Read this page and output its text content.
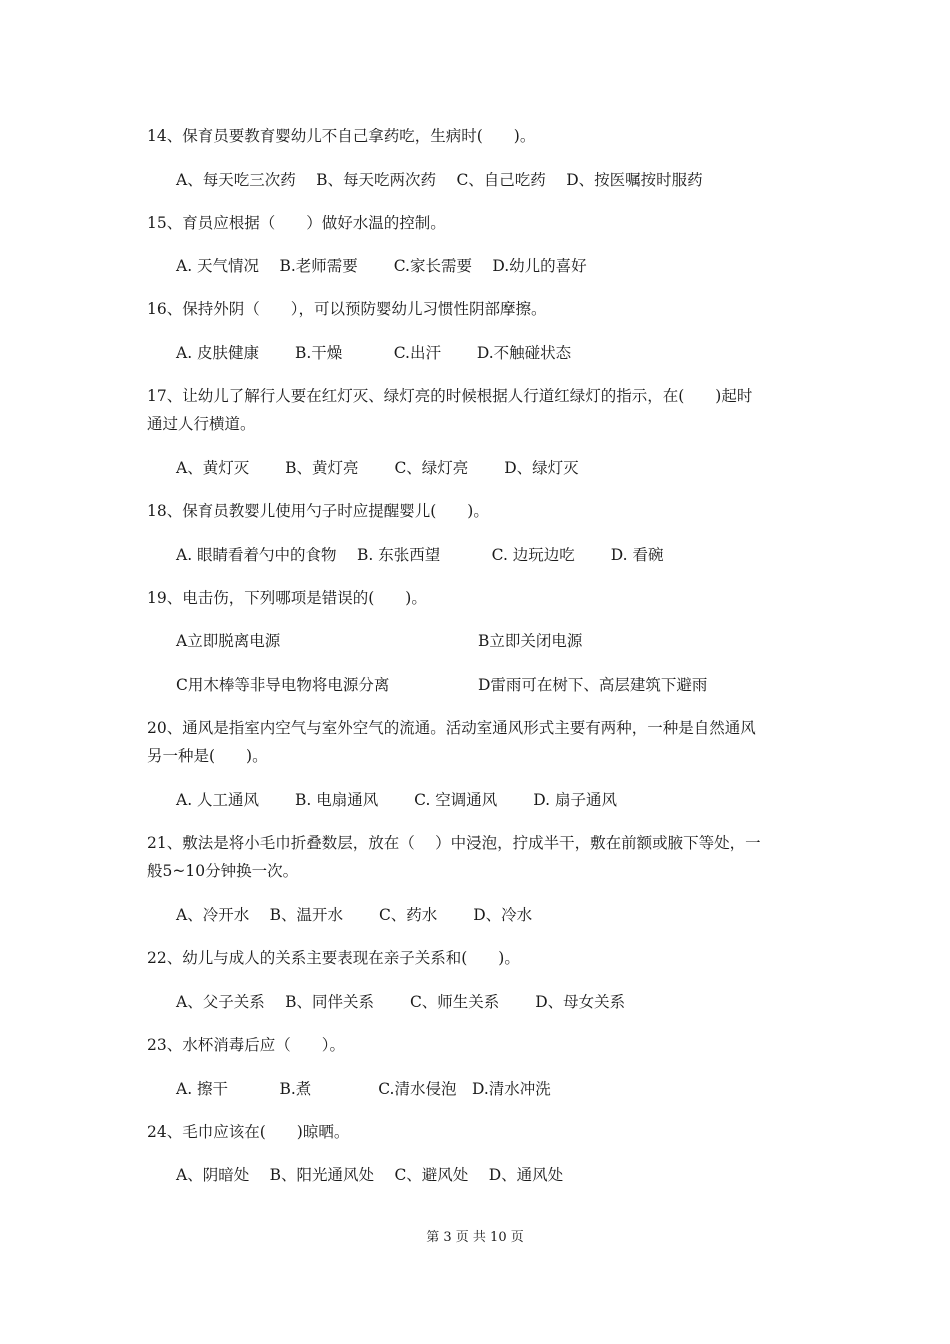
14、保育员要教育婴幼儿不自己拿药吃，生病时(　　)。
A、每天吃三次药　 B、每天吃两次药　 C、自己吃药　 D、按医嘱按时服药
15、育员应根据（　　）做好水温的控制。
A. 天气情况　 B.老师需要　　 C.家长需要　 D.幼儿的喜好
16、保持外阴（　　），可以预防婴幼儿习惯性阴部摩擦。
A. 皮肤健康　　 B.干燥　　　 C.出汗　　 D.不触碰状态
17、让幼儿了解行人要在红灯灭、绿灯亮的时候根据人行道红绿灯的指示，在(　　)起时
通过人行横道。
A、黄灯灭　　 B、黄灯亮　　 C、绿灯亮　　 D、绿灯灭
18、保育员教婴儿使用勺子时应提醒婴儿(　　)。
A. 眼睛看着勺中的食物　 B. 东张西望　　　 C. 边玩边吃　　 D. 看碗
19、电击伤，下列哪项是错误的(　　)。
A立即脱离电源	B立即关闭电源
C用木棒等非导电物将电源分离	D雷雨可在树下、高层建筑下避雨
20、通风是指室内空气与室外空气的流通。活动室通风形式主要有两种，一种是自然通风
另一种是(　　)。
A. 人工通风　　 B. 电扇通风　　 C. 空调通风　　 D. 扇子通风
21、敷法是将小毛巾折叠数层，放在（　 ）中浸泡，拧成半干，敷在前额或腋下等处，一
般5~10分钟换一次。
A、冷开水　 B、温开水　　 C、药水　　 D、冷水
22、幼儿与成人的关系主要表现在亲子关系和(　　)。
A、父子关系　 B、同伴关系　　 C、师生关系　　 D、母女关系
23、水杯消毒后应（　　）。
A. 擦干　　　 B.煮　　　　 C.清水侵泡　D.清水冲洗
24、毛巾应该在(　　)晾晒。
A、阴暗处　 B、阳光通风处　 C、避风处　 D、通风处
第 3 页 共 10 页
